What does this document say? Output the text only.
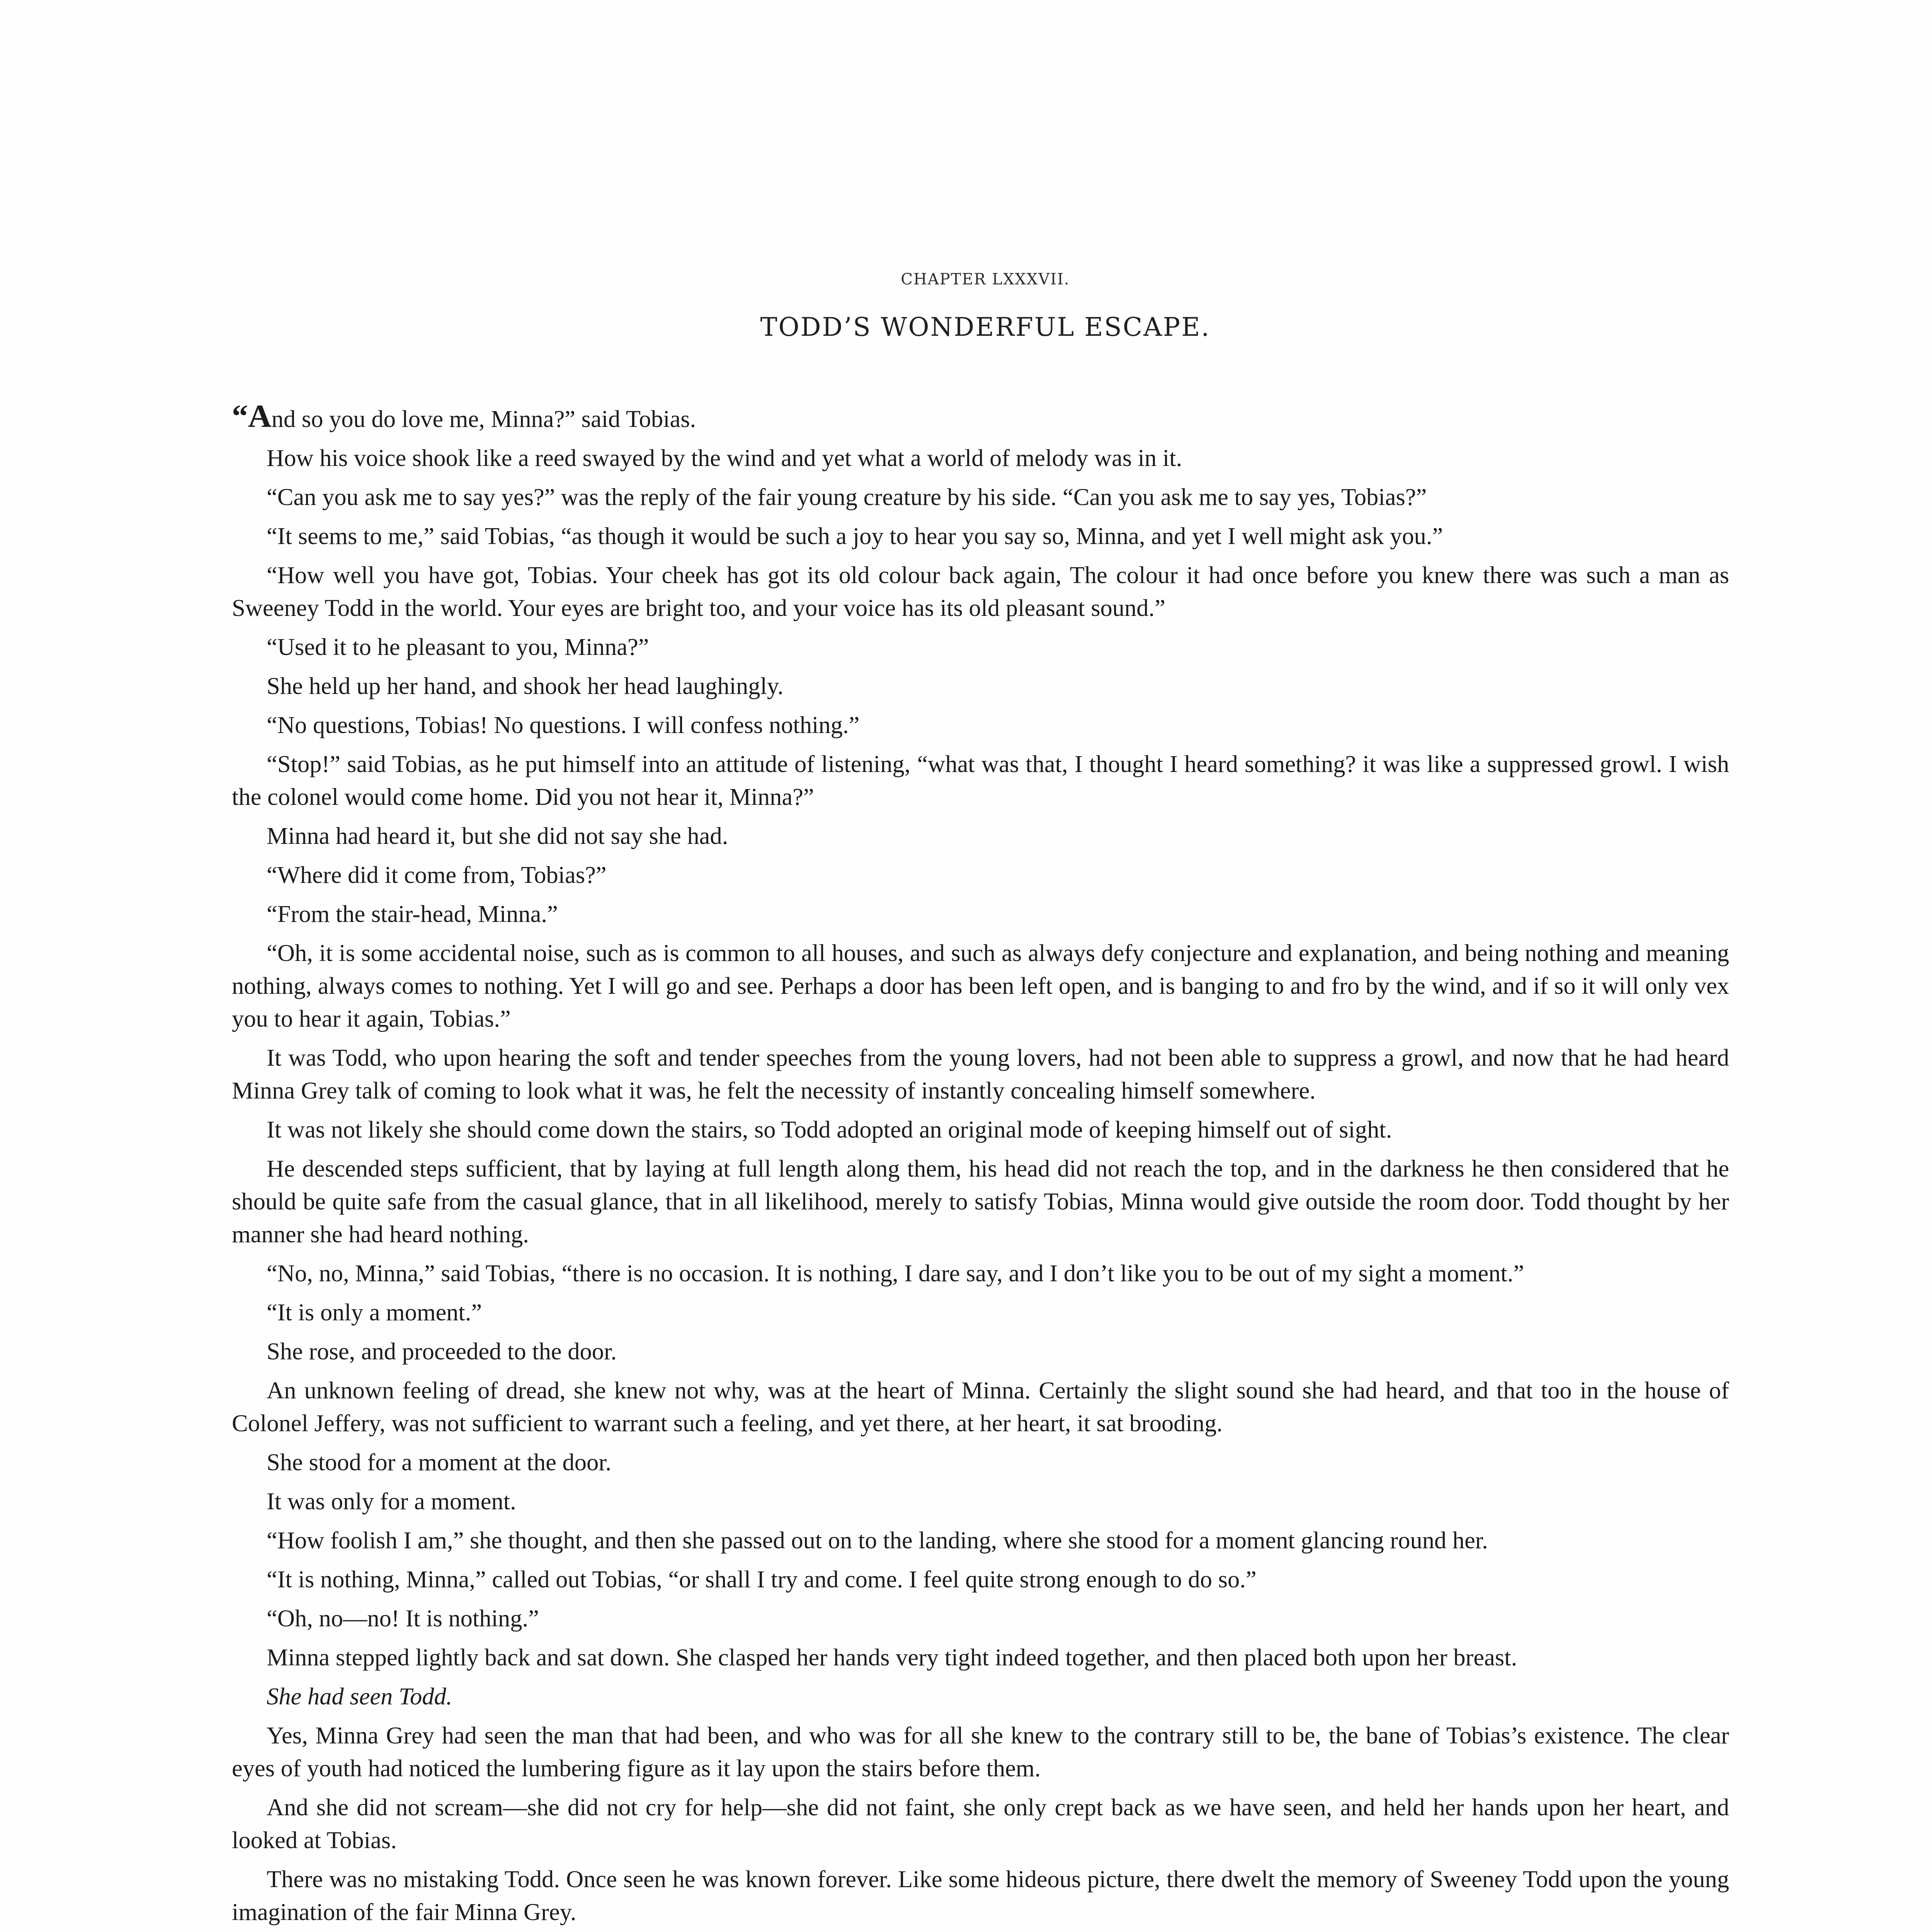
CHAPTER LXXXVII.
TODD’S WONDERFUL ESCAPE.

“And so you do love me, Minna?” said Tobias.

How his voice shook like a reed swayed by the wind and yet what a world of melody was in it.

“Can you ask me to say yes?” was the reply of the fair young creature by his side. “Can you ask me to say yes, Tobias?”

“It seems to me,” said Tobias, “as though it would be such a joy to hear you say so, Minna, and yet I well might ask you.”

“How well you have got, Tobias. Your cheek has got its old colour back again, The colour it had once before you knew there was such a man as Sweeney Todd in the world. Your eyes are bright too, and your voice has its old pleasant sound.”

“Used it to he pleasant to you, Minna?”

She held up her hand, and shook her head laughingly.

“No questions, Tobias! No questions. I will confess nothing.”

“Stop!” said Tobias, as he put himself into an attitude of listening, “what was that, I thought I heard something? it was like a suppressed growl. I wish the colonel would come home. Did you not hear it, Minna?”

Minna had heard it, but she did not say she had.

“Where did it come from, Tobias?”

“From the stair-head, Minna.”

“Oh, it is some accidental noise, such as is common to all houses, and such as always defy conjecture and explanation, and being nothing and meaning nothing, always comes to nothing. Yet I will go and see. Perhaps a door has been left open, and is banging to and fro by the wind, and if so it will only vex you to hear it again, Tobias.”

It was Todd, who upon hearing the soft and tender speeches from the young lovers, had not been able to suppress a growl, and now that he had heard Minna Grey talk of coming to look what it was, he felt the necessity of instantly concealing himself somewhere.

It was not likely she should come down the stairs, so Todd adopted an original mode of keeping himself out of sight.

He descended steps sufficient, that by laying at full length along them, his head did not reach the top, and in the darkness he then considered that he should be quite safe from the casual glance, that in all likelihood, merely to satisfy Tobias, Minna would give outside the room door. Todd thought by her manner she had heard nothing.

“No, no, Minna,” said Tobias, “there is no occasion. It is nothing, I dare say, and I don’t like you to be out of my sight a moment.”

“It is only a moment.”

She rose, and proceeded to the door.

An unknown feeling of dread, she knew not why, was at the heart of Minna. Certainly the slight sound she had heard, and that too in the house of Colonel Jeffery, was not sufficient to warrant such a feeling, and yet there, at her heart, it sat brooding.

She stood for a moment at the door.

It was only for a moment.

“How foolish I am,” she thought, and then she passed out on to the landing, where she stood for a moment glancing round her.

“It is nothing, Minna,” called out Tobias, “or shall I try and come. I feel quite strong enough to do so.”

“Oh, no—no! It is nothing.”

Minna stepped lightly back and sat down. She clasped her hands very tight indeed together, and then placed both upon her breast.

She had seen Todd.

Yes, Minna Grey had seen the man that had been, and who was for all she knew to the contrary still to be, the bane of Tobias’s existence. The clear eyes of youth had noticed the lumbering figure as it lay upon the stairs before them.

And she did not scream—she did not cry for help—she did not faint, she only crept back as we have seen, and held her hands upon her heart, and looked at Tobias.

There was no mistaking Todd. Once seen he was known forever. Like some hideous picture, there dwelt the memory of Sweeney Todd upon the young imagination of the fair Minna Grey.
